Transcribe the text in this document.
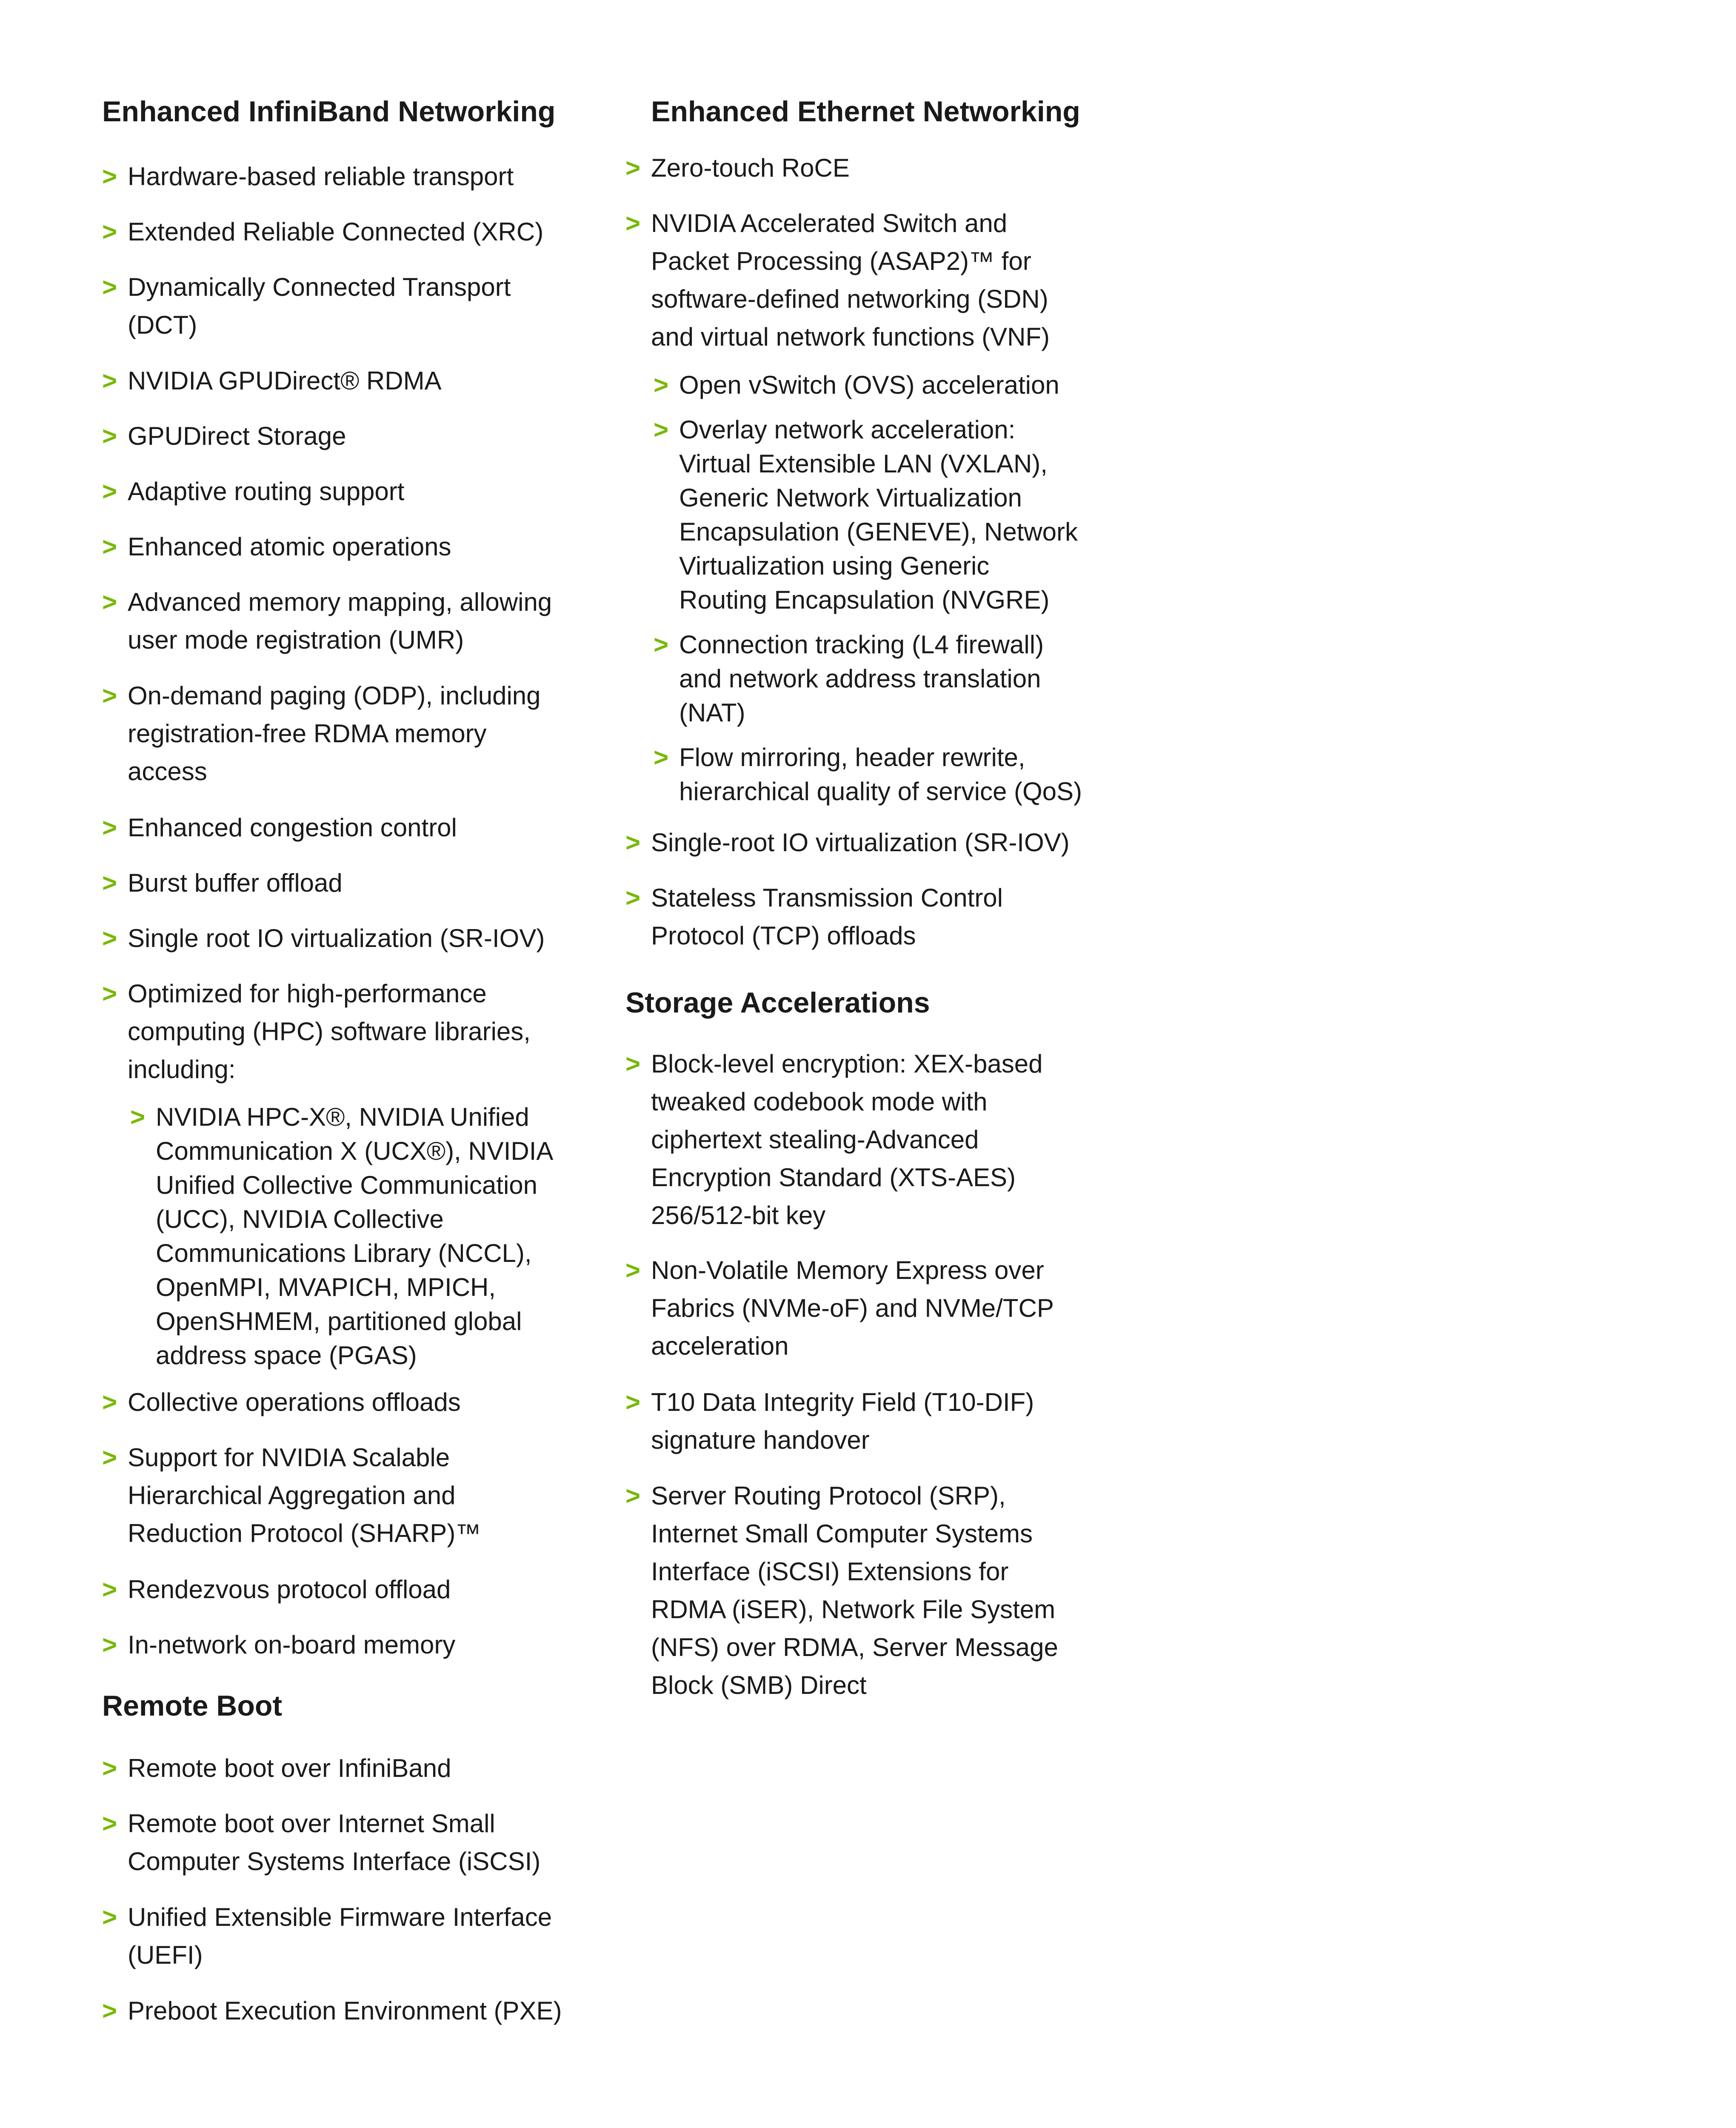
Enhanced InfiniBand Networking
> Hardware-based reliable transport
> Extended Reliable Connected (XRC)
> Dynamically Connected Transport
(DCT)
> NVIDIA GPUDirect® RDMA
> GPUDirect Storage
> Adaptive routing support
> Enhanced atomic operations
> Advanced memory mapping, allowing
user mode registration (UMR)
> On-demand paging (ODP), including
registration-free RDMA memory
access
> Enhanced congestion control
> Burst buffer offload
> Single root IO virtualization (SR-IOV)
> Optimized for high-performance
computing (HPC) software libraries,
including:
> NVIDIA HPC-X®, NVIDIA Unified
Communication X (UCX®), NVIDIA
Unified Collective Communication
(UCC), NVIDIA Collective
Communications Library (NCCL),
OpenMPI, MVAPICH, MPICH,
OpenSHMEM, partitioned global
address space (PGAS)
> Collective operations offloads
> Support for NVIDIA Scalable
Hierarchical Aggregation and
Reduction Protocol (SHARP)™
> Rendezvous protocol offload
> In-network on-board memory
Remote Boot
> Remote boot over InfiniBand
> Remote boot over Internet Small
Computer Systems Interface (iSCSI)
> Unified Extensible Firmware Interface
(UEFI)
> Preboot Execution Environment (PXE)
Enhanced Ethernet Networking
> Zero-touch RoCE
> NVIDIA Accelerated Switch and
Packet Processing (ASAP2)™ for
software-defined networking (SDN)
and virtual network functions (VNF)
> Open vSwitch (OVS) acceleration
> Overlay network acceleration:
Virtual Extensible LAN (VXLAN),
Generic Network Virtualization
Encapsulation (GENEVE), Network
Virtualization using Generic
Routing Encapsulation (NVGRE)
> Connection tracking (L4 firewall)
and network address translation
(NAT)
> Flow mirroring, header rewrite,
hierarchical quality of service (QoS)
> Single-root IO virtualization (SR-IOV)
> Stateless Transmission Control
Protocol (TCP) offloads
Storage Accelerations
> Block-level encryption: XEX-based
tweaked codebook mode with
ciphertext stealing-Advanced
Encryption Standard (XTS-AES)
256/512-bit key
> Non-Volatile Memory Express over
Fabrics (NVMe-oF) and NVMe/TCP
acceleration
> T10 Data Integrity Field (T10-DIF)
signature handover
> Server Routing Protocol (SRP),
Internet Small Computer Systems
Interface (iSCSI) Extensions for
RDMA (iSER), Network File System
(NFS) over RDMA, Server Message
Block (SMB) Direct
